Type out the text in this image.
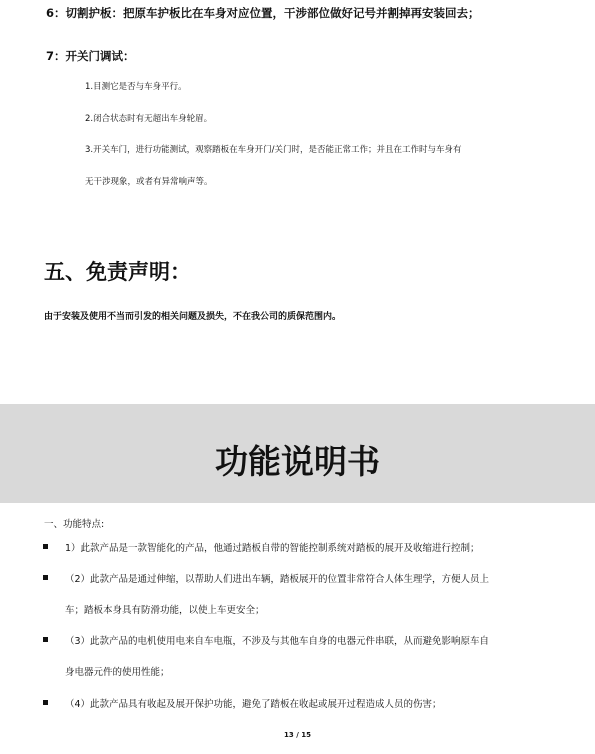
6：切割护板：把原车护板比在车身对应位置，干涉部位做好记号并割掉再安装回去；
7：开关门调试：
1.目测它是否与车身平行。
2.闭合状态时有无超出车身轮眉。
3.开关车门，进行功能测试，观察踏板在车身开门/关门时，是否能正常工作；并且在工作时与车身有
无干涉现象，或者有异常响声等。
五、免责声明：
由于安装及使用不当而引发的相关问题及损失，不在我公司的质保范围内。
功能说明书
一、功能特点:
1）此款产品是一款智能化的产品，他通过踏板自带的智能控制系统对踏板的展开及收缩进行控制；
（2）此款产品是通过伸缩，以帮助人们进出车辆，踏板展开的位置非常符合人体生理学，方便人员上
车；踏板本身具有防滑功能，以使上车更安全；
（3）此款产品的电机使用电来自车电瓶，不涉及与其他车自身的电器元件串联，从而避免影响原车自
身电器元件的使用性能；
（4）此款产品具有收起及展开保护功能，避免了踏板在收起或展开过程造成人员的伤害；
13 / 15
